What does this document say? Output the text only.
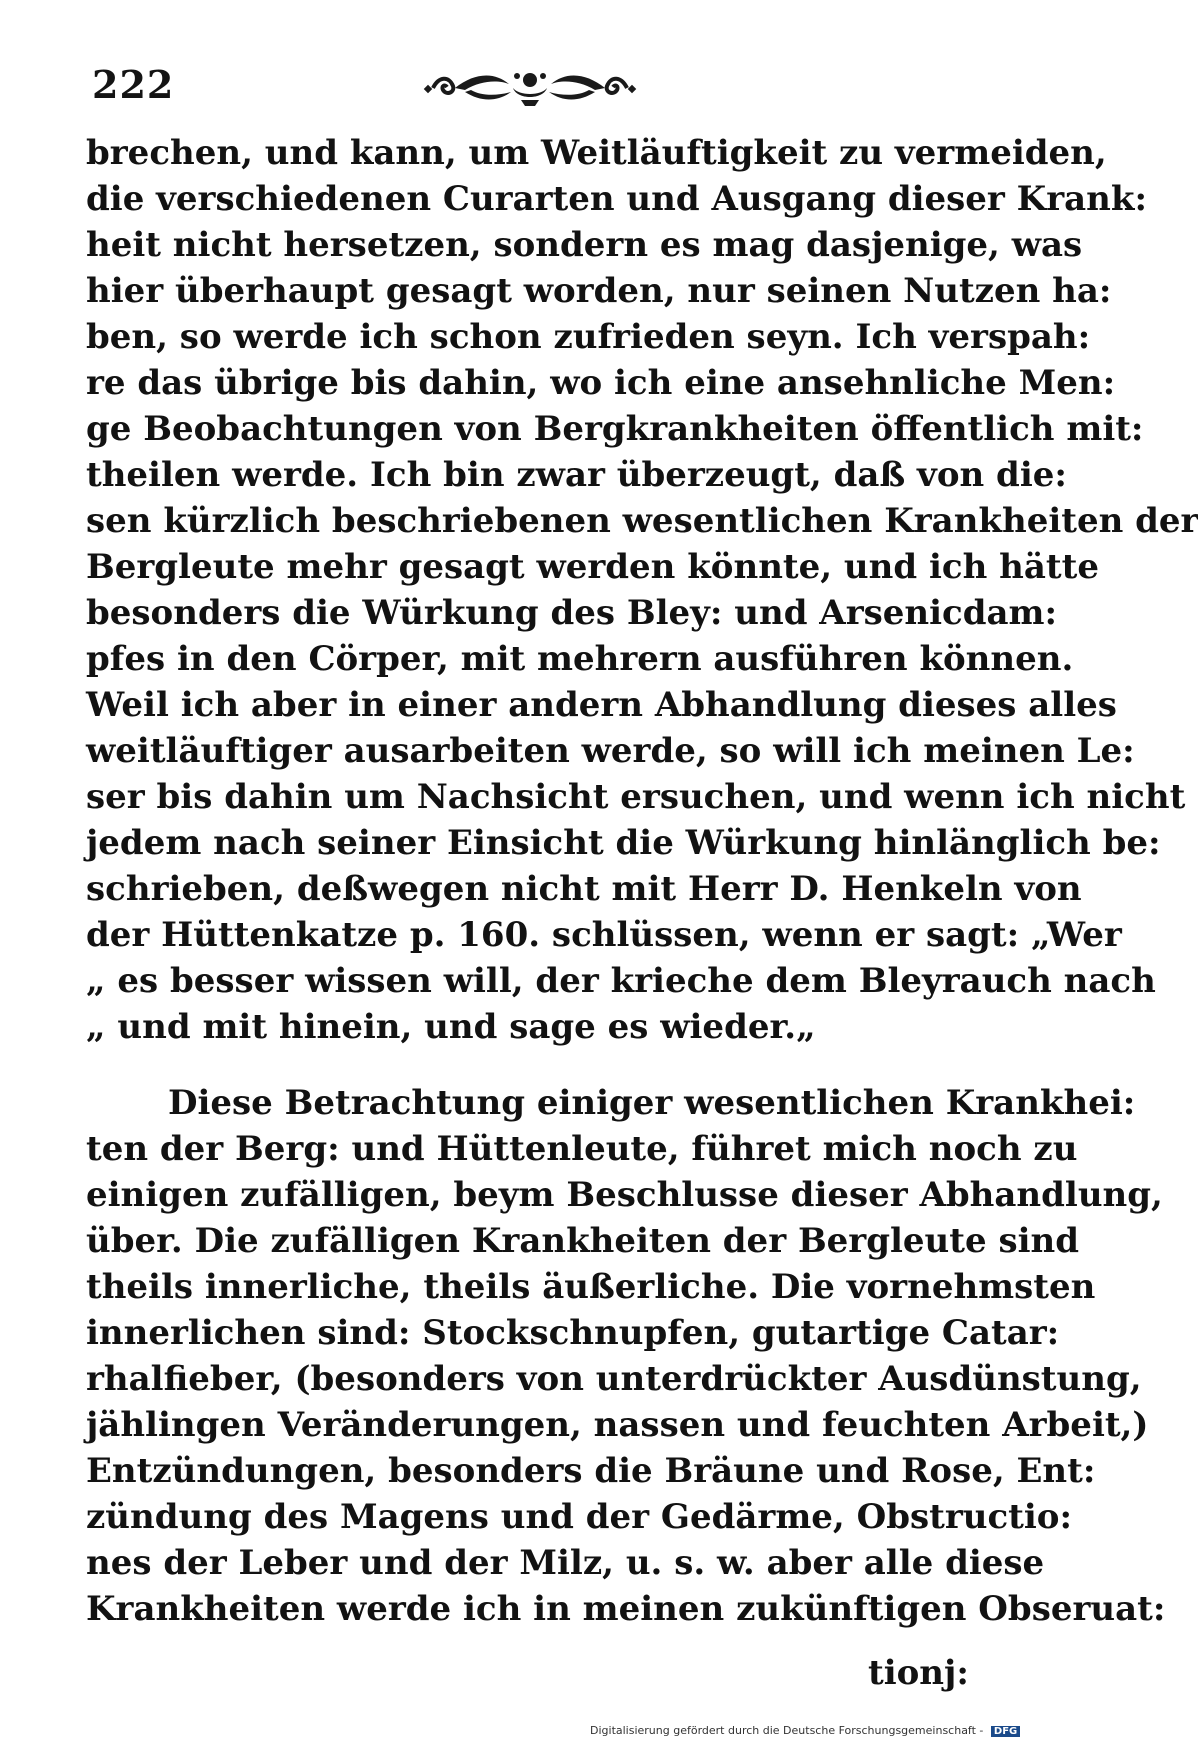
222
brechen, und kann, um Weitläuftigkeit zu vermeiden,
die verschiedenen Curarten und Ausgang dieser Krank:
heit nicht hersetzen, sondern es mag dasjenige, was
hier überhaupt gesagt worden, nur seinen Nutzen ha:
ben, so werde ich schon zufrieden seyn. Ich verspah:
re das übrige bis dahin, wo ich eine ansehnliche Men:
ge Beobachtungen von Bergkrankheiten öffentlich mit:
theilen werde. Ich bin zwar überzeugt, daß von die:
sen kürzlich beschriebenen wesentlichen Krankheiten der
Bergleute mehr gesagt werden könnte, und ich hätte
besonders die Würkung des Bley: und Arsenicdam:
pfes in den Cörper, mit mehrern ausführen können.
Weil ich aber in einer andern Abhandlung dieses alles
weitläuftiger ausarbeiten werde, so will ich meinen Le:
ser bis dahin um Nachsicht ersuchen, und wenn ich nicht
jedem nach seiner Einsicht die Würkung hinlänglich be:
schrieben, deßwegen nicht mit Herr D. Henkeln von
der Hüttenkatze p. 160. schlüssen, wenn er sagt: „Wer
„ es besser wissen will, der krieche dem Bleyrauch nach
„ und mit hinein, und sage es wieder.„
Diese Betrachtung einiger wesentlichen Krankhei:
ten der Berg: und Hüttenleute, führet mich noch zu
einigen zufälligen, beym Beschlusse dieser Abhandlung,
über. Die zufälligen Krankheiten der Bergleute sind
theils innerliche, theils äußerliche. Die vornehmsten
innerlichen sind: Stockschnupfen, gutartige Catar:
rhalfieber, (besonders von unterdrückter Ausdünstung,
jählingen Veränderungen, nassen und feuchten Arbeit,)
Entzündungen, besonders die Bräune und Rose, Ent:
zündung des Magens und der Gedärme, Obstructio:
nes der Leber und der Milz, u. s. w. aber alle diese
Krankheiten werde ich in meinen zukünftigen Obseruat:
tionj:
Digitalisierung gefördert durch die Deutsche Forschungsgemeinschaft - DFG
